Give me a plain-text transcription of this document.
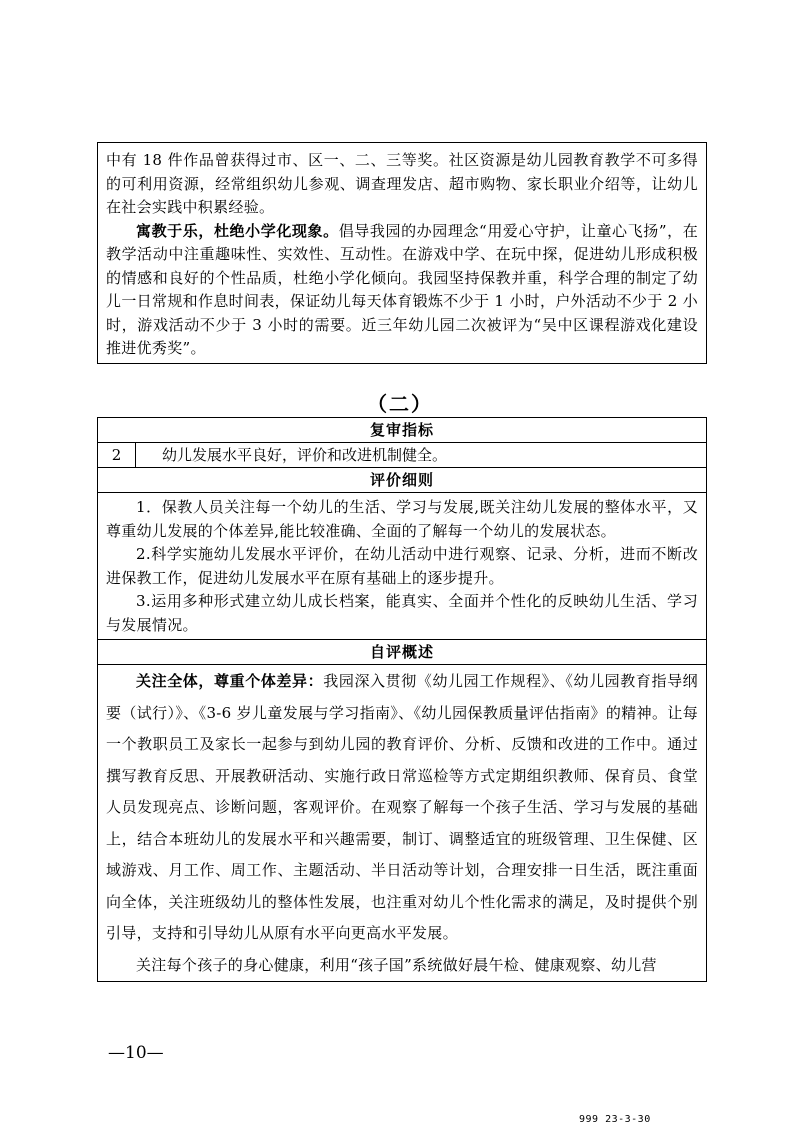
中有 18 件作品曾获得过市、区一、二、三等奖。社区资源是幼儿园教育教学不可多得的可利用资源，经常组织幼儿参观、调查理发店、超市购物、家长职业介绍等，让幼儿在社会实践中积累经验。

寓教于乐，杜绝小学化现象。倡导我园的办园理念“用爱心守护，让童心飞扬”，在教学活动中注重趣味性、实效性、互动性。在游戏中学、在玩中探，促进幼儿形成积极的情感和良好的个性品质，杜绝小学化倾向。我园坚持保教并重，科学合理的制定了幼儿一日常规和作息时间表，保证幼儿每天体育锻炼不少于 1 小时，户外活动不少于 2 小时，游戏活动不少于 3 小时的需要。近三年幼儿园二次被评为“吴中区课程游戏化建设推进优秀奖”。

（二）
复审指标
2	幼儿发展水平良好，评价和改进机制健全。
评价细则

1．保教人员关注每一个幼儿的生活、学习与发展,既关注幼儿发展的整体水平，又尊重幼儿发展的个体差异,能比较准确、全面的了解每一个幼儿的发展状态。

2.科学实施幼儿发展水平评价，在幼儿活动中进行观察、记录、分析，进而不断改进保教工作，促进幼儿发展水平在原有基础上的逐步提升。

3.运用多种形式建立幼儿成长档案，能真实、全面并个性化的反映幼儿生活、学习与发展情况。

自评概述

关注全体，尊重个体差异：我园深入贯彻《幼儿园工作规程》、《幼儿园教育指导纲要（试行）》、《3-6 岁儿童发展与学习指南》、《幼儿园保教质量评估指南》的精神。让每一个教职员工及家长一起参与到幼儿园的教育评价、分析、反馈和改进的工作中。通过撰写教育反思、开展教研活动、实施行政日常巡检等方式定期组织教师、保育员、食堂人员发现亮点、诊断问题，客观评价。在观察了解每一个孩子生活、学习与发展的基础上，结合本班幼儿的发展水平和兴趣需要，制订、调整适宜的班级管理、卫生保健、区域游戏、月工作、周工作、主题活动、半日活动等计划，合理安排一日生活，既注重面向全体，关注班级幼儿的整体性发展，也注重对幼儿个性化需求的满足，及时提供个别引导，支持和引导幼儿从原有水平向更高水平发展。

关注每个孩子的身心健康，利用“孩子国”系统做好晨午检、健康观察、幼儿营

—10—
999 23-3-30
